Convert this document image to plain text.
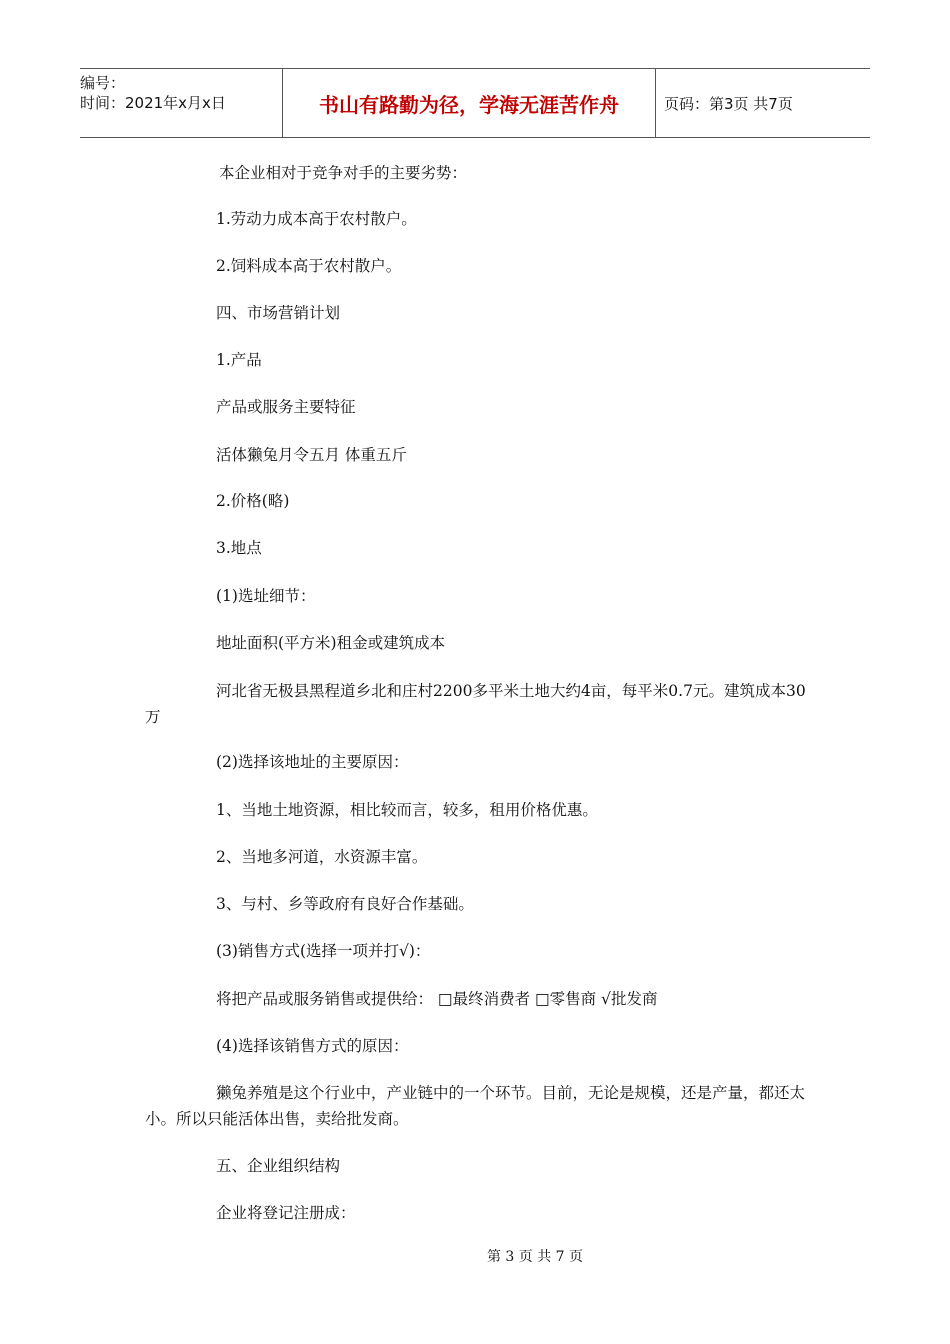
编号：
时间：2021年x月x日	书山有路勤为径，学海无涯苦作舟	页码：第3页 共7页
本企业相对于竞争对手的主要劣势：
1.劳动力成本高于农村散户。
2.饲料成本高于农村散户。
四、市场营销计划
1.产品
产品或服务主要特征
活体獭兔月令五月 体重五斤
2.价格(略)
3.地点
(1)选址细节：
地址面积(平方米)租金或建筑成本
河北省无极县黑程道乡北和庄村2200多平米土地大约4亩，每平米0.7元。建筑成本30万
(2)选择该地址的主要原因：
1、当地土地资源，相比较而言，较多，租用价格优惠。
2、当地多河道，水资源丰富。
3、与村、乡等政府有良好合作基础。
(3)销售方式(选择一项并打√)：
将把产品或服务销售或提供给： □最终消费者 □零售商 √批发商
(4)选择该销售方式的原因：
獭兔养殖是这个行业中，产业链中的一个环节。目前，无论是规模，还是产量，都还太小。所以只能活体出售，卖给批发商。
五、企业组织结构
企业将登记注册成：
第 3 页 共 7 页
